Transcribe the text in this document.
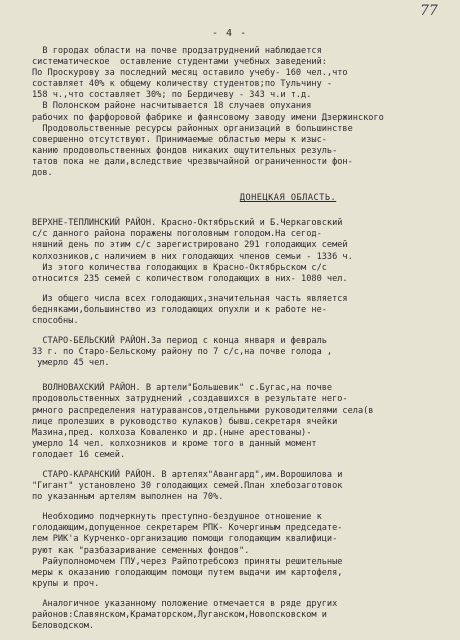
77
- 4 -
В городах области на почве продзатруднений наблюдается
систематическое  оставление студентами учебных заведений:
По Проскурову за последний месяц оставило учебу- 160 чел.,что
составляет 40% к общему количеству студентов;по Тульчину -
158 ч.,что составляет 30%; по Бердичеву - 343 ч.и т.д.
В Полонском районе насчитывается 18 случаев опухания
рабочих по фарфоровой фабрике и фаянсовому заводу имени Дзержинского
Продовольственные ресурсы районных организаций в большинстве
совершенно отсутствуют. Принимаемые областью меры к изыс-
канию продовольственных фондов никаких ощутительных резуль-
татов пока не дали,вследствие чрезвычайной ограниченности фон-
дов.
ДОНЕЦКАЯ ОБЛАСТЬ.
ВЕРХНЕ-ТЕПЛИНСКИЙ РАЙОН. Красно-Октябрьский и Б.Черкаговский
с/с данного района поражены поголовным голодом.На сегод-
няшний день по этим с/с зарегистрировано 291 голодающих семей
колхозников,с наличием в них голодающих членов семьи - 1336 ч.
Из этого количества голодающих в Красно-Октябрьском с/с
относится 235 семей с количеством голодающих в них- 1080 чел.
Из общего числа всех голодающих,значительная часть является
бедняками,большинство из голодающих опухли и к работе не-
способны.
СТАРО-БЕЛЬСКИЙ РАЙОН.За период с конца января и февраль
33 г. по Старо-Бельскому району по 7 с/с,на почве голода ,
умерло 45 чел.
ВОЛНОВАХСКИЙ РАЙОН. В артели"Большевик" с.Бугас,на почве
продовольственных затруднений ,создавшихся в результате него-
рмного распределения натуравансов,отдельными руководителями села(в
лице пролезших в руководство кулаков) бывш.секретаря ячейки
Мазина,пред. колхоза Коваленко и др.(ныне арестованы)-
умерло 14 чел. колхозников и кроме того в данный момент
голодает 16 семей.
СТАРО-КАРАНСКИЙ РАЙОН. В артелях"Авангард",им.Ворошилова и
"Гигант" установлено 30 голодающих семей.План хлебозаготовок
по указанным артелям выполнен на 70%.
Необходимо подчеркнуть преступно-бездушное отношение к
голодающим,допущенное секретарем РПК- Кочергиным председате-
лем РИК'а Курченко-организацию помощи голодающим квалифици-
руют как "разбазаривание семенных фондов".
Райуполномочем ГПУ,через Райпотребсоюз приняты решительные
меры к оказанию голодающим помощи путем выдачи им картофеля,
крупы и проч.
Аналогичное указанному положение отмечается в ряде других
районов:Славянском,Краматорском,Луганском,Новопсковском и
Беловодском.
